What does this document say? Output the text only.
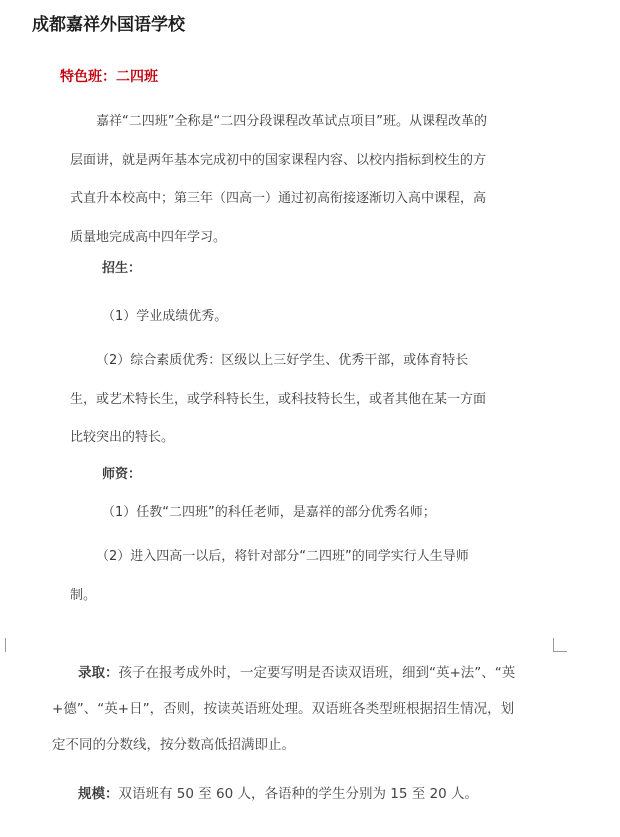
成都嘉祥外国语学校
特色班：二四班
嘉祥“二四班”全称是“二四分段课程改革试点项目”班。从课程改革的层面讲，就是两年基本完成初中的国家课程内容、以校内指标到校生的方式直升本校高中；第三年（四高一）通过初高衔接逐渐切入高中课程，高质量地完成高中四年学习。
招生：
（1）学业成绩优秀。
（2）综合素质优秀：区级以上三好学生、优秀干部，或体育特长生，或艺术特长生，或学科特长生，或科技特长生，或者其他在某一方面比较突出的特长。
师资：
（1）任教“二四班”的科任老师，是嘉祥的部分优秀名师；
（2）进入四高一以后，将针对部分“二四班”的同学实行人生导师制。
录取：孩子在报考成外时，一定要写明是否读双语班，细到“英+法”、“英+德”、“英+日”，否则，按读英语班处理。双语班各类型班根据招生情况，划定不同的分数线，按分数高低招满即止。
规模：双语班有 50 至 60 人，各语种的学生分别为 15 至 20 人。
